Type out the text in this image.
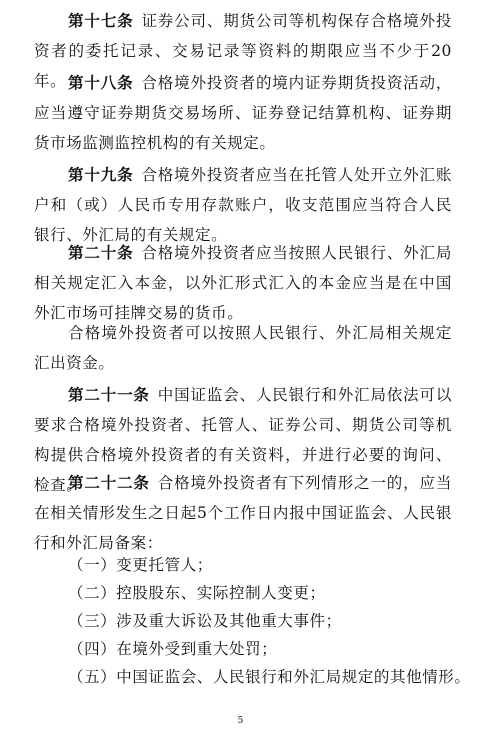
第十七条 证券公司、期货公司等机构保存合格境外投资者的委托记录、交易记录等资料的期限应当不少于20年。 第十八条 合格境外投资者的境内证券期货投资活动，应当遵守证券期货交易场所、证券登记结算机构、证券期货市场监测监控机构的有关规定。

第十九条 合格境外投资者应当在托管人处开立外汇账户和（或）人民币专用存款账户，收支范围应当符合人民银行、外汇局的有关规定。

第二十条 合格境外投资者应当按照人民银行、外汇局相关规定汇入本金，以外汇形式汇入的本金应当是在中国外汇市场可挂牌交易的货币。

合格境外投资者可以按照人民银行、外汇局相关规定汇出资金。

第二十一条 中国证监会、人民银行和外汇局依法可以要求合格境外投资者、托管人、证券公司、期货公司等机构提供合格境外投资者的有关资料，并进行必要的询问、检查。

第二十二条 合格境外投资者有下列情形之一的，应当在相关情形发生之日起5个工作日内报中国证监会、人民银行和外汇局备案：

（一）变更托管人；

（二）控股股东、实际控制人变更；

（三）涉及重大诉讼及其他重大事件；

（四）在境外受到重大处罚；

（五）中国证监会、人民银行和外汇局规定的其他情形。

5
